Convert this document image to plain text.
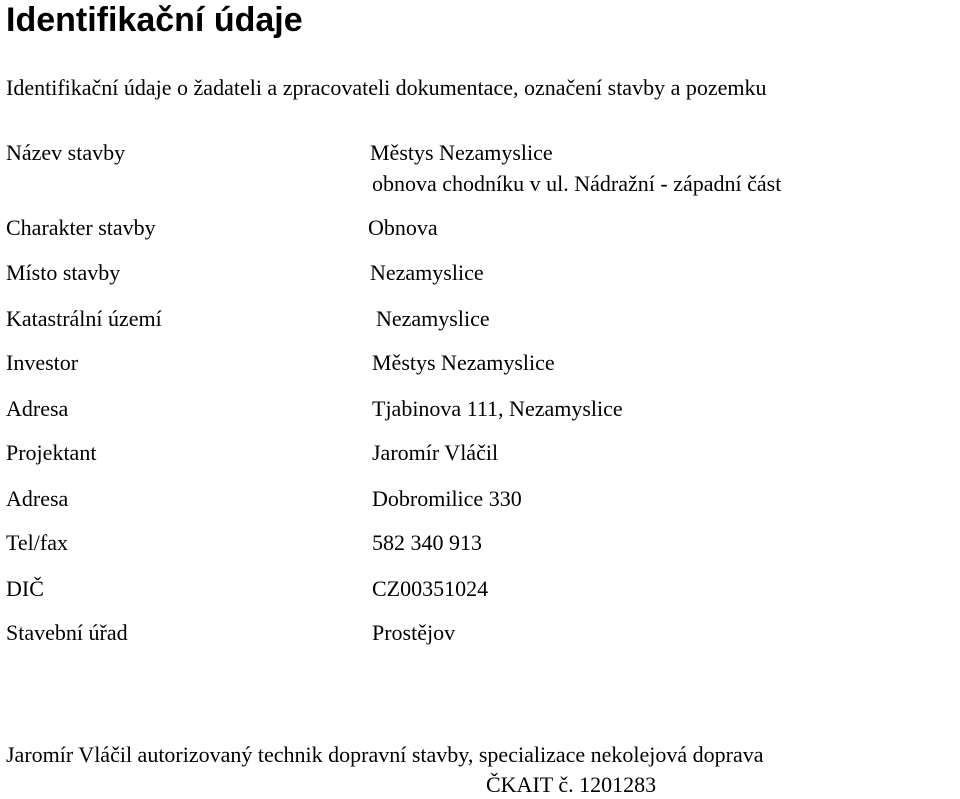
Identifikační údaje
Identifikační údaje o žadateli a zpracovateli dokumentace, označení stavby a pozemku
Název stavby	Městys Nezamyslice
obnova chodníku v ul. Nádražní - západní část
Charakter stavby	Obnova
Místo stavby	Nezamyslice
Katastrální území	Nezamyslice
Investor	Městys Nezamyslice
Adresa	Tjabinova 111, Nezamyslice
Projektant	Jaromír Vláčil
Adresa	Dobromilice 330
Tel/fax	582 340 913
DIČ	CZ00351024
Stavební úřad	Prostějov
Jaromír Vláčil autorizovaný technik dopravní stavby, specializace nekolejová doprava
ČKAIT č. 1201283
